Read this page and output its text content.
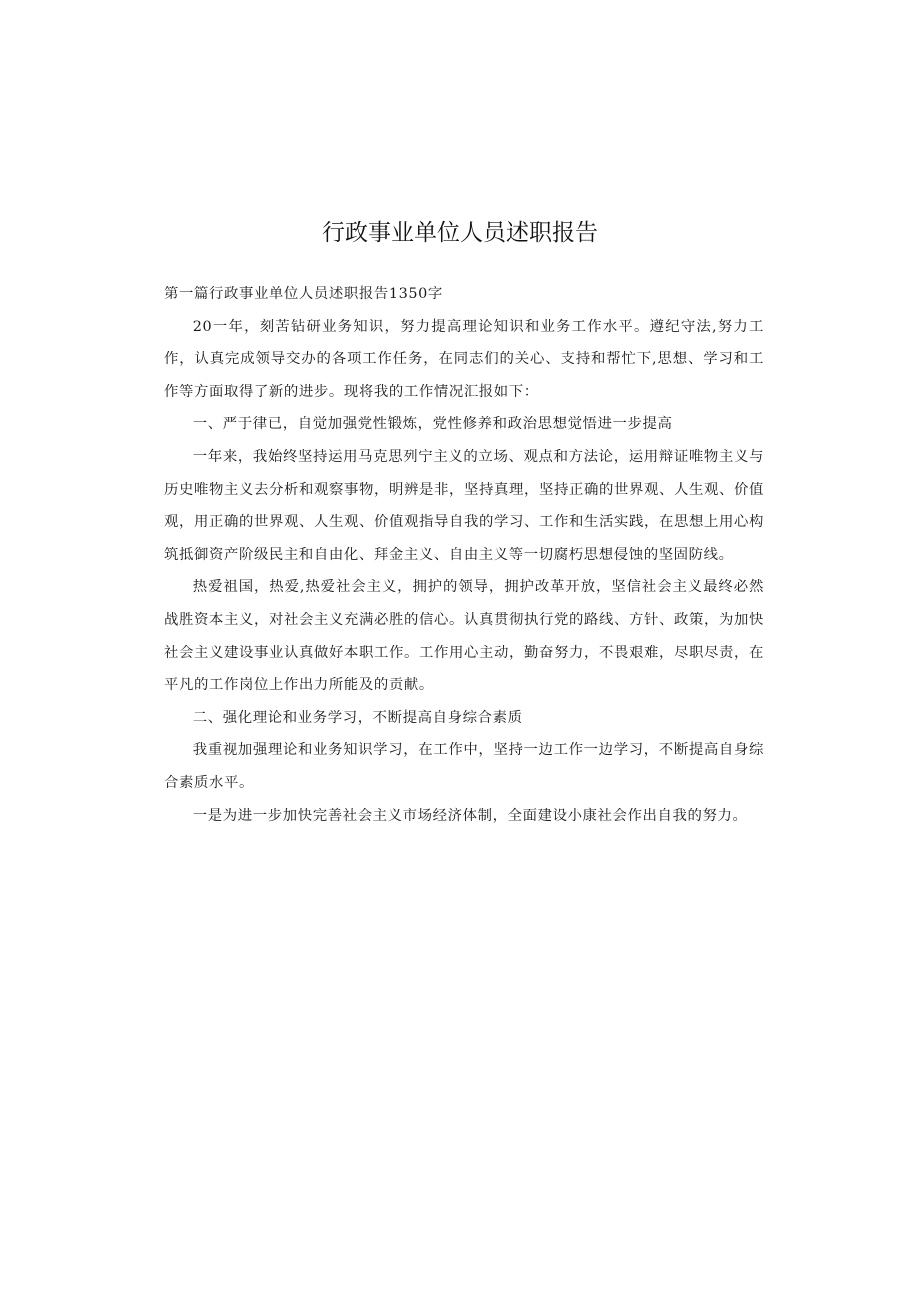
行政事业单位人员述职报告

第一篇行政事业单位人员述职报告1350字

20一年，刻苦钻研业务知识，努力提高理论知识和业务工作水平。遵纪守法,努力工作，认真完成领导交办的各项工作任务，在同志们的关心、支持和帮忙下,思想、学习和工作等方面取得了新的进步。现将我的工作情况汇报如下：

一、严于律已，自觉加强党性锻炼，党性修养和政治思想觉悟进一步提高

一年来，我始终坚持运用马克思列宁主义的立场、观点和方法论，运用辩证唯物主义与历史唯物主义去分析和观察事物，明辨是非，坚持真理，坚持正确的世界观、人生观、价值观，用正确的世界观、人生观、价值观指导自我的学习、工作和生活实践，在思想上用心构筑抵御资产阶级民主和自由化、拜金主义、自由主义等一切腐朽思想侵蚀的坚固防线。

热爱祖国，热爱,热爱社会主义，拥护的领导，拥护改革开放，坚信社会主义最终必然战胜资本主义，对社会主义充满必胜的信心。认真贯彻执行党的路线、方针、政策，为加快社会主义建设事业认真做好本职工作。工作用心主动，勤奋努力，不畏艰难，尽职尽责，在平凡的工作岗位上作出力所能及的贡献。

二、强化理论和业务学习，不断提高自身综合素质

我重视加强理论和业务知识学习，在工作中，坚持一边工作一边学习，不断提高自身综合素质水平。

一是为进一步加快完善社会主义市场经济体制，全面建设小康社会作出自我的努力。
